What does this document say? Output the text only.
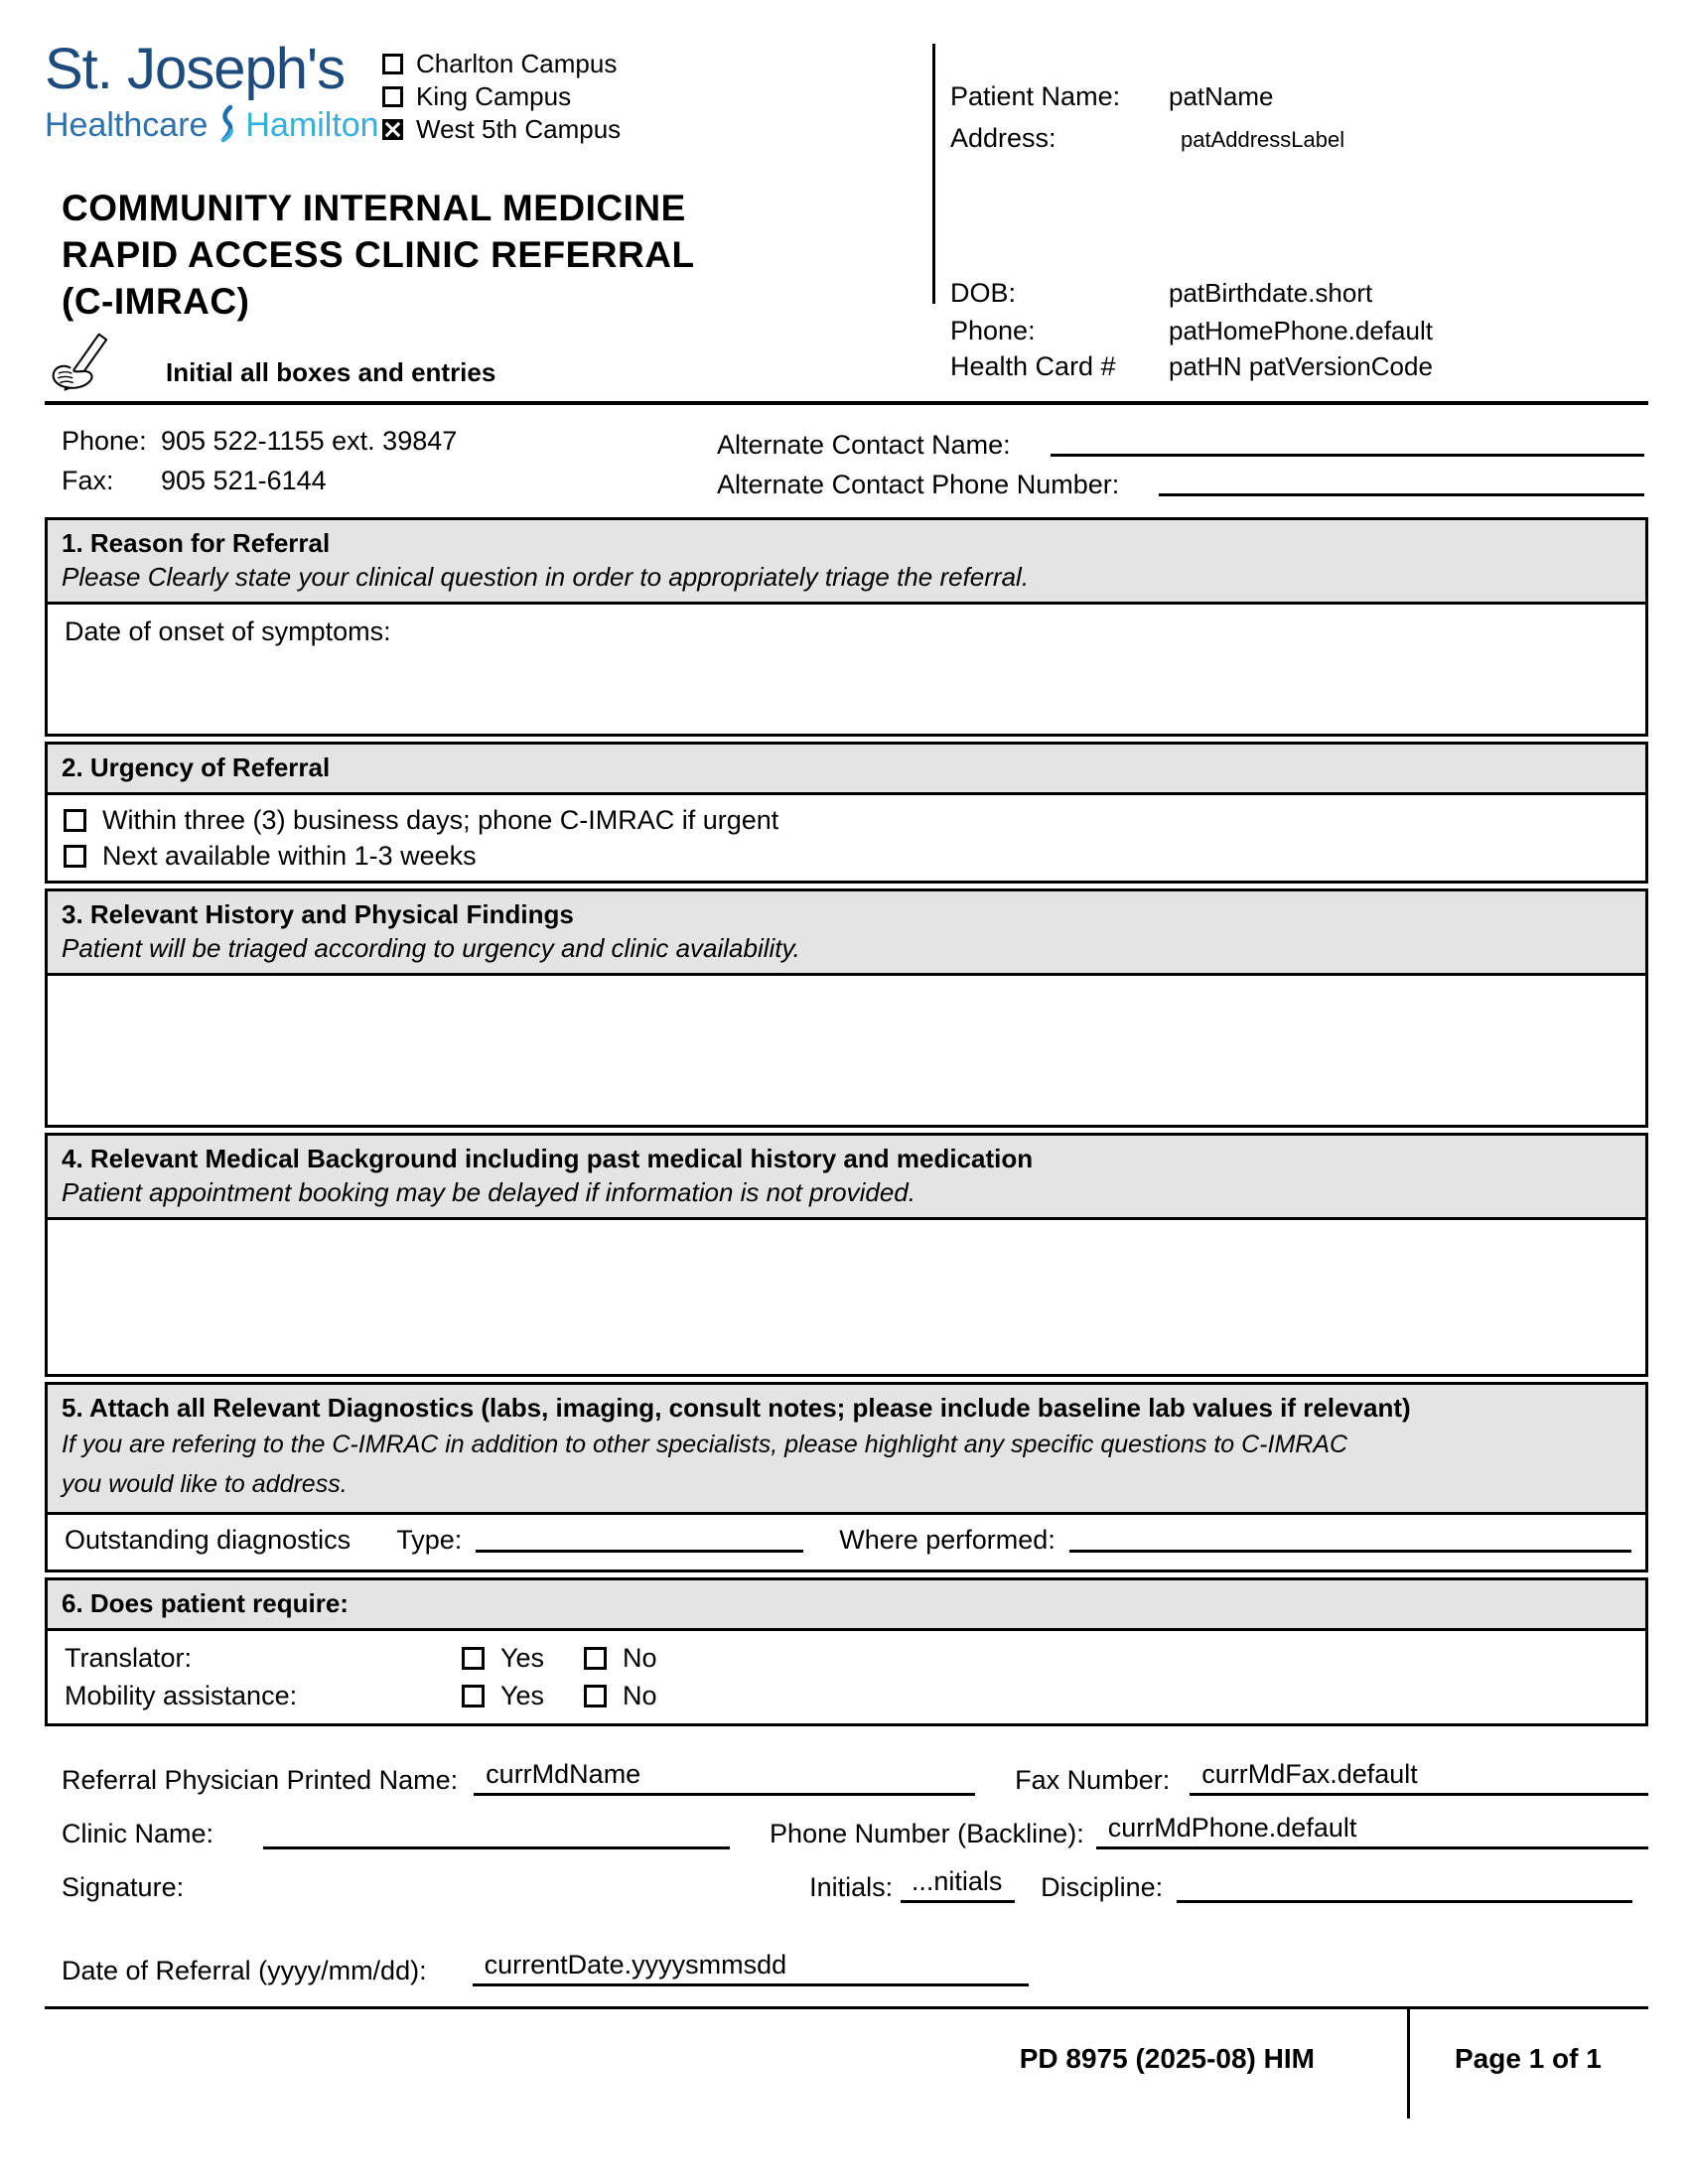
St. Joseph's
Healthcare Hamilton
Charlton Campus
King Campus
West 5th Campus
Patient Name:	patName
Address:	patAddressLabel
DOB:	patBirthdate.short
Phone:	patHomePhone.default
Health Card #	patHN patVersionCode
COMMUNITY INTERNAL MEDICINE
RAPID ACCESS CLINIC REFERRAL
(C-IMRAC)
Initial all boxes and entries
Phone: 905 522-1155 ext. 39847
Fax:	905 521-6144
Alternate Contact Name:
Alternate Contact Phone Number:
1. Reason for Referral
Please Clearly state your clinical question in order to appropriately triage the referral.
Date of onset of symptoms:
2. Urgency of Referral
Within three (3) business days; phone C-IMRAC if urgent
Next available within 1-3 weeks
3. Relevant History and Physical Findings
Patient will be triaged according to urgency and clinic availability.
4. Relevant Medical Background including past medical history and medication
Patient appointment booking may be delayed if information is not provided.
5. Attach all Relevant Diagnostics (labs, imaging, consult notes; please include baseline lab values if relevant)
If you are refering to the C-IMRAC in addition to other specialists, please highlight any specific questions to C-IMRAC
you would like to address.
Outstanding diagnostics Type:	Where performed:
6. Does patient require:
Translator:	Yes	No
Mobility assistance:	Yes	No
Referral Physician Printed Name:	currMdName	Fax Number:	currMdFax.default
Clinic Name:	Phone Number (Backline): currMdPhone.default
Signature:	Initials: ...nitials	Discipline:
Date of Referral (yyyy/mm/dd):	currentDate.yyyysmmsdd
PD 8975 (2025-08) HIM	Page 1 of 1
